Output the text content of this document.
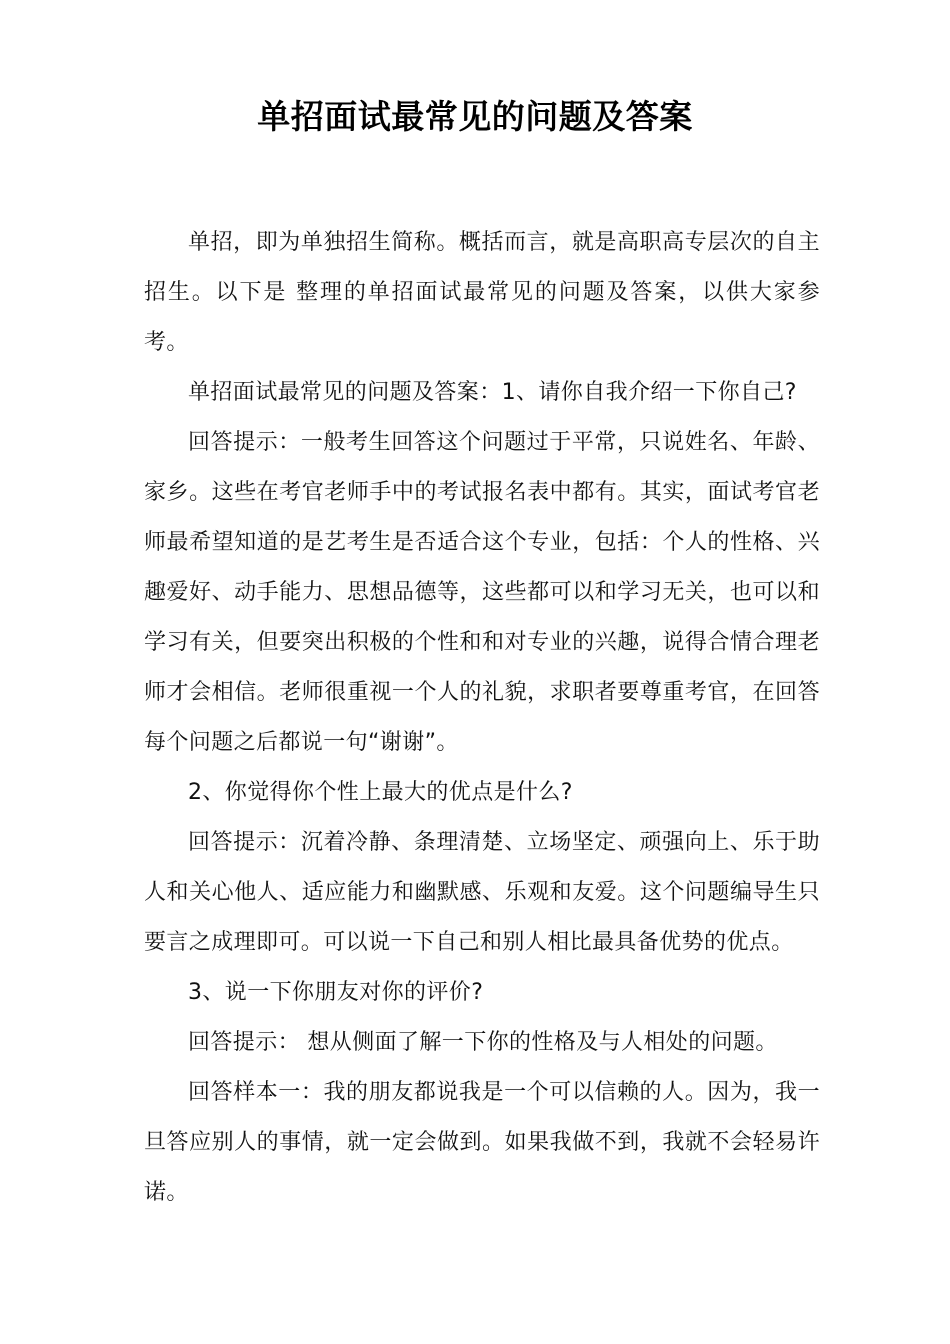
单招面试最常见的问题及答案

单招，即为单独招生简称。概括而言，就是高职高专层次的自主招生。以下是 整理的单招面试最常见的问题及答案，以供大家参考。

单招面试最常见的问题及答案：1、请你自我介绍一下你自己?

回答提示：一般考生回答这个问题过于平常，只说姓名、年龄、家乡。这些在考官老师手中的考试报名表中都有。其实，面试考官老师最希望知道的是艺考生是否适合这个专业，包括：个人的性格、兴趣爱好、动手能力、思想品德等，这些都可以和学习无关，也可以和学习有关，但要突出积极的个性和和对专业的兴趣，说得合情合理老师才会相信。老师很重视一个人的礼貌，求职者要尊重考官，在回答每个问题之后都说一句“谢谢”。

2、你觉得你个性上最大的优点是什么?

回答提示：沉着冷静、条理清楚、立场坚定、顽强向上、乐于助人和关心他人、适应能力和幽默感、乐观和友爱。这个问题编导生只要言之成理即可。可以说一下自己和别人相比最具备优势的优点。

3、说一下你朋友对你的评价?

回答提示： 想从侧面了解一下你的性格及与人相处的问题。

回答样本一：我的朋友都说我是一个可以信赖的人。因为，我一旦答应别人的事情，就一定会做到。如果我做不到，我就不会轻易许诺。
